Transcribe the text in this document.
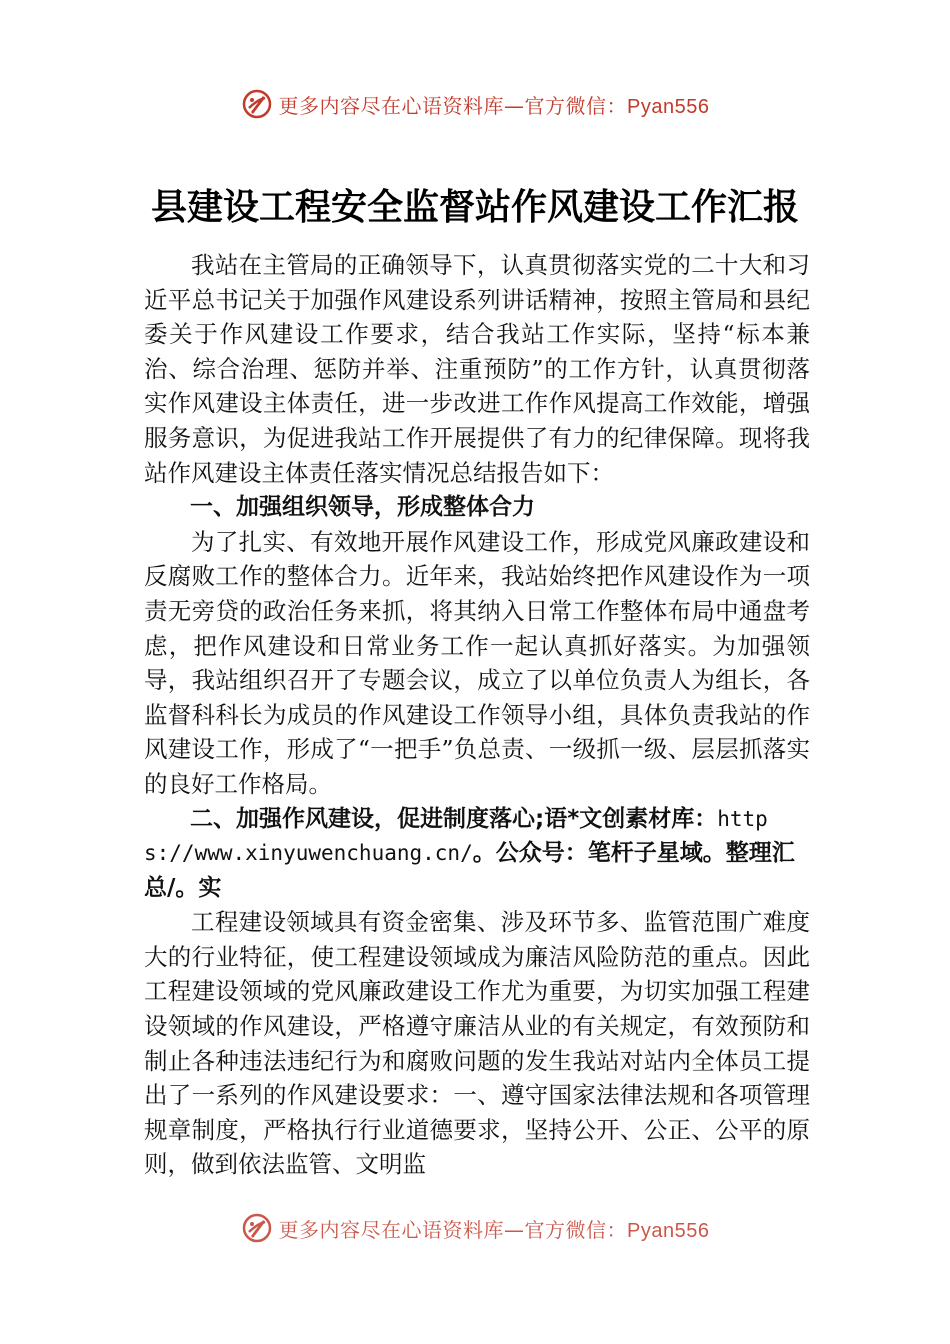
更多内容尽在心语资料库—官方微信：Pyan556
县建设工程安全监督站作风建设工作汇报

我站在主管局的正确领导下，认真贯彻落实党的二十大和习近平总书记关于加强作风建设系列讲话精神，按照主管局和县纪委关于作风建设工作要求，结合我站工作实际，坚持“标本兼治、综合治理、惩防并举、注重预防”的工作方针，认真贯彻落实作风建设主体责任，进一步改进工作作风提高工作效能，增强服务意识，为促进我站工作开展提供了有力的纪律保障。现将我站作风建设主体责任落实情况总结报告如下：

一、加强组织领导，形成整体合力

为了扎实、有效地开展作风建设工作，形成党风廉政建设和反腐败工作的整体合力。近年来，我站始终把作风建设作为一项责无旁贷的政治任务来抓，将其纳入日常工作整体布局中通盘考虑，把作风建设和日常业务工作一起认真抓好落实。为加强领导，我站组织召开了专题会议，成立了以单位负责人为组长，各监督科科长为成员的作风建设工作领导小组，具体负责我站的作风建设工作，形成了“一把手”负总责、一级抓一级、层层抓落实的良好工作格局。

二、加强作风建设，促进制度落心;语*文创素材库：https://www.xinyuwenchuang.cn/。公众号：笔杆子星域。整理汇总/。实

工程建设领域具有资金密集、涉及环节多、监管范围广难度大的行业特征，使工程建设领域成为廉洁风险防范的重点。因此工程建设领域的党风廉政建设工作尤为重要，为切实加强工程建设领域的作风建设，严格遵守廉洁从业的有关规定，有效预防和制止各种违法违纪行为和腐败问题的发生我站对站内全体员工提出了一系列的作风建设要求：一、遵守国家法律法规和各项管理规章制度，严格执行行业道德要求，坚持公开、公正、公平的原则，做到依法监管、文明监

更多内容尽在心语资料库—官方微信：Pyan556
